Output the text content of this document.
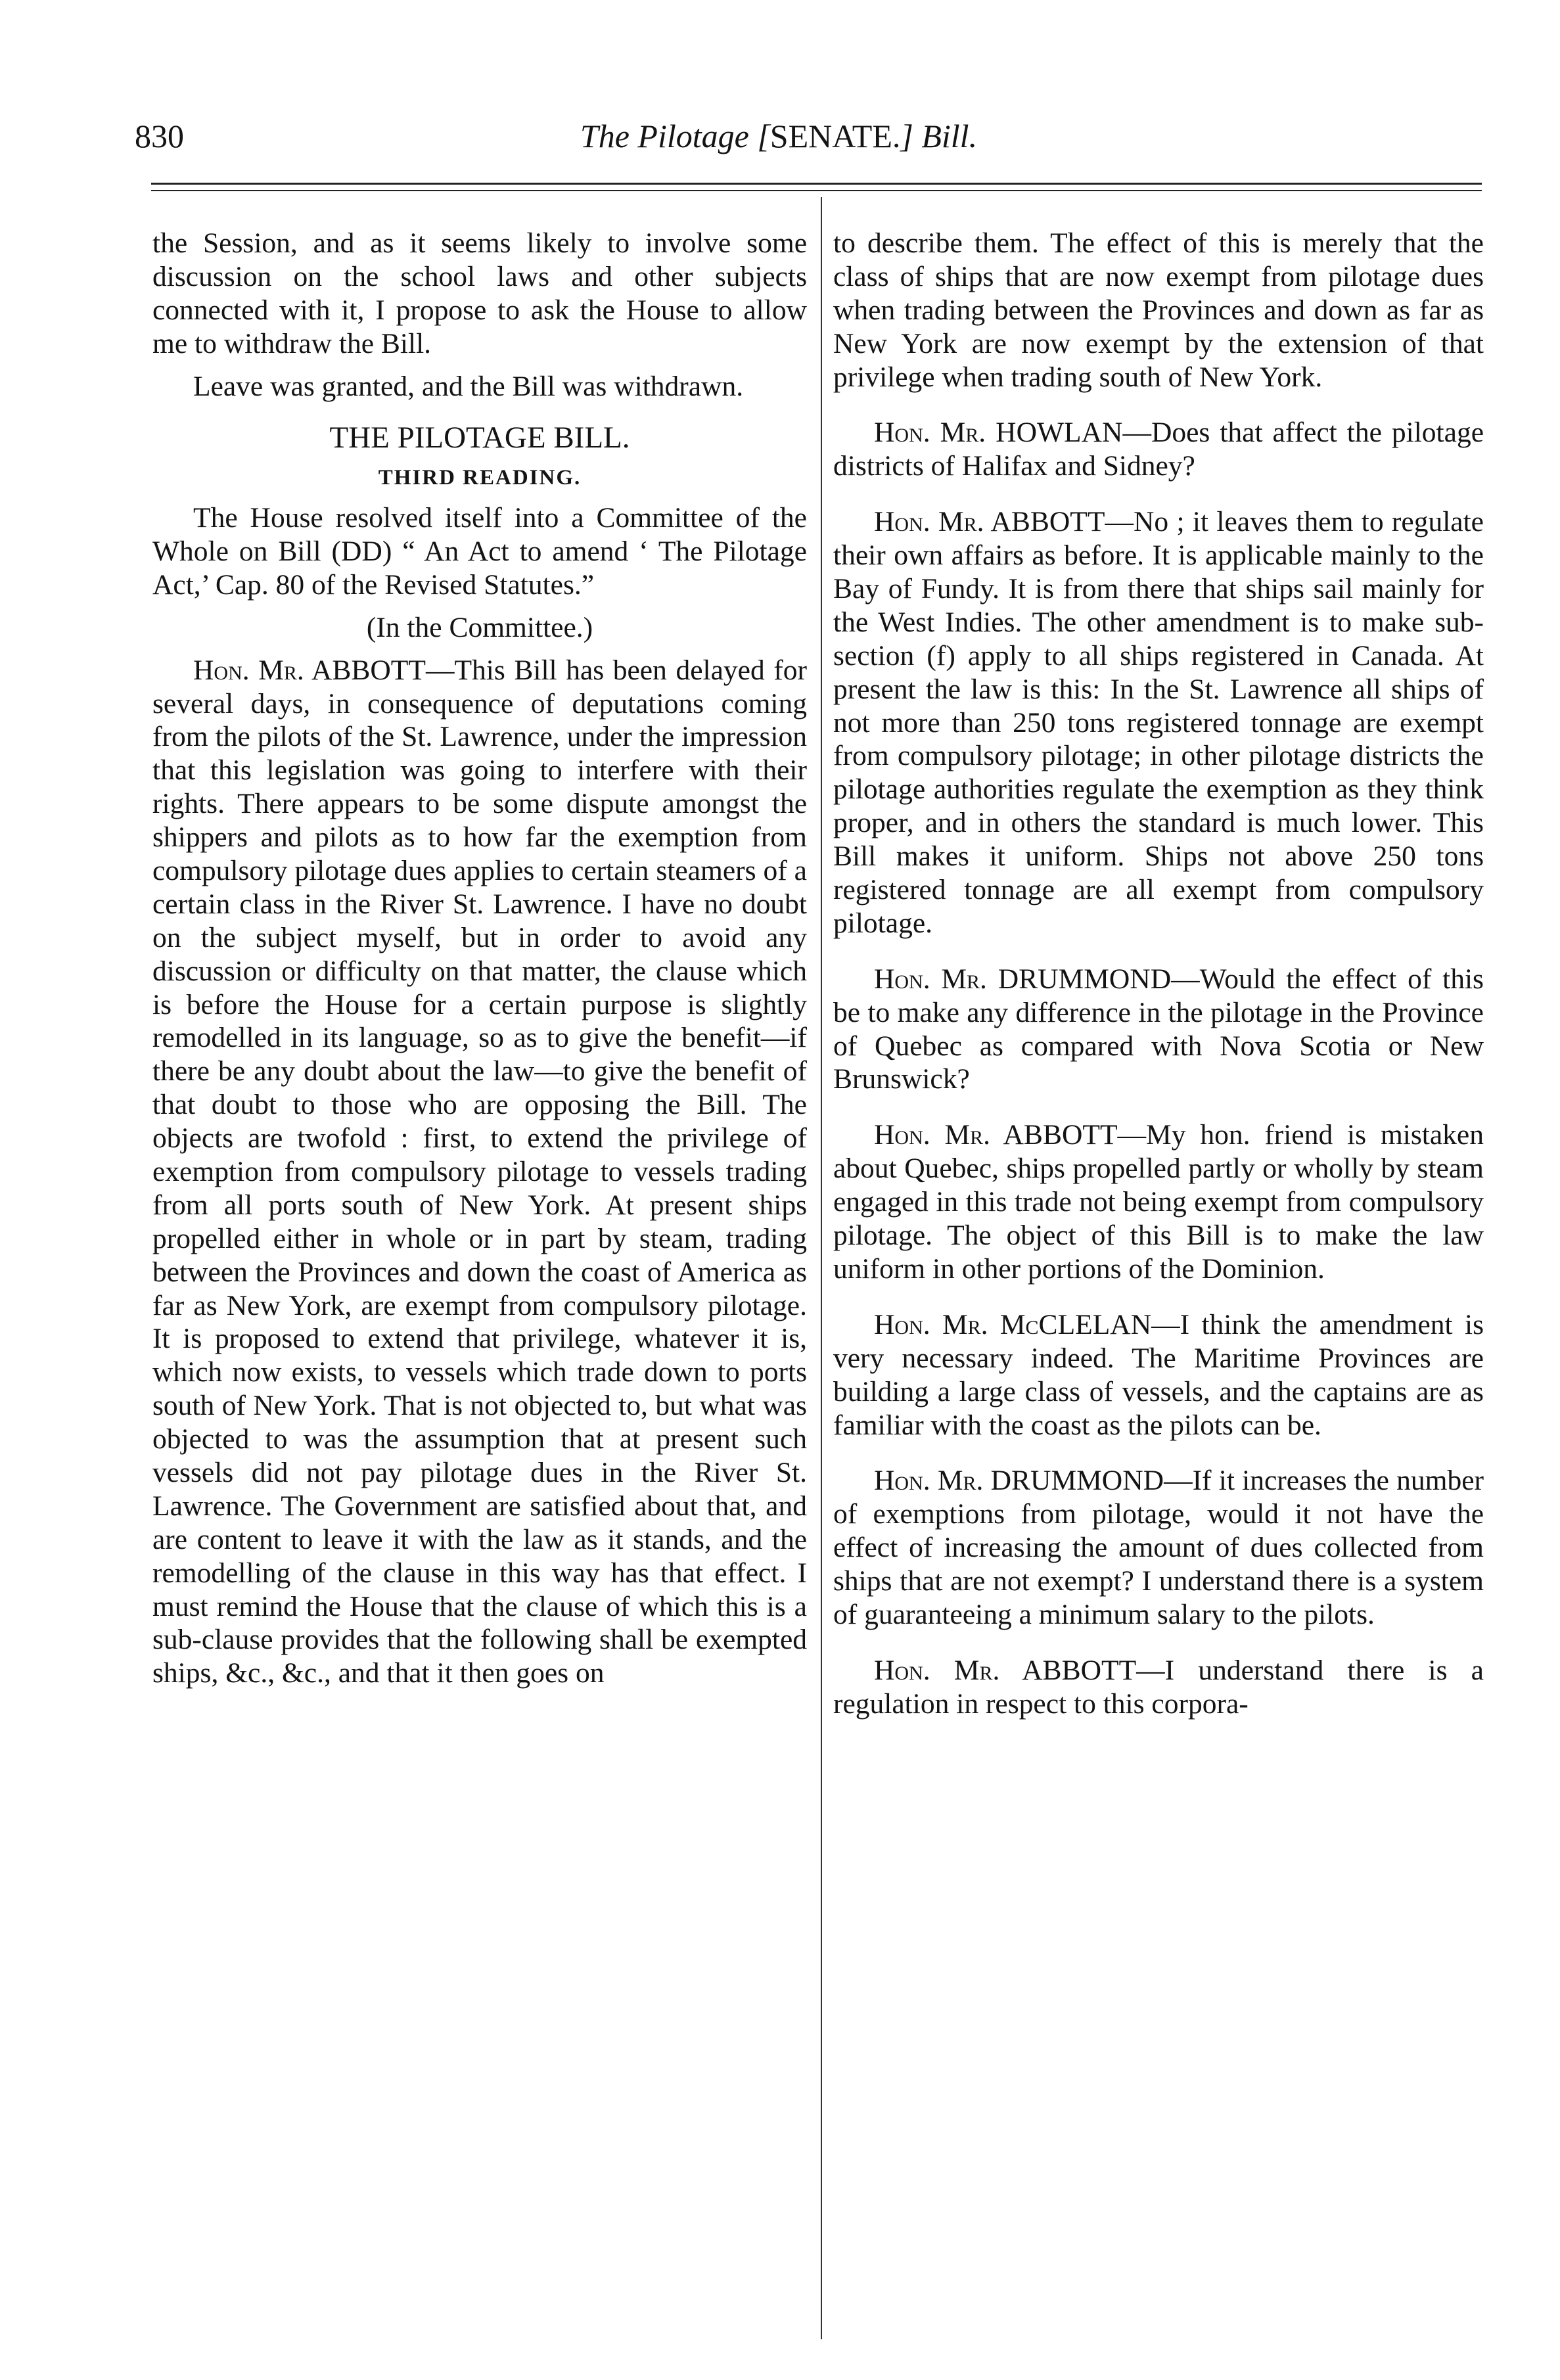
830	The Pilotage [SENATE.] Bill.

the Session, and as it seems likely to involve some discussion on the school laws and other subjects connected with it, I propose to ask the House to allow me to withdraw the Bill.

Leave was granted, and the Bill was withdrawn.

THE PILOTAGE BILL.

THIRD READING.

The House resolved itself into a Committee of the Whole on Bill (DD) “ An Act to amend ‘ The Pilotage Act,’ Cap. 80 of the Revised Statutes.”

(In the Committee.)

Hon. Mr. ABBOTT—This Bill has been delayed for several days, in consequence of deputations coming from the pilots of the St. Lawrence, under the impression that this legislation was going to interfere with their rights. There appears to be some dispute amongst the shippers and pilots as to how far the exemption from compulsory pilotage dues applies to certain steamers of a certain class in the River St. Lawrence. I have no doubt on the subject myself, but in order to avoid any discussion or difficulty on that matter, the clause which is before the House for a certain purpose is slightly remodelled in its language, so as to give the benefit—if there be any doubt about the law—to give the benefit of that doubt to those who are opposing the Bill. The objects are twofold : first, to extend the privilege of exemption from compulsory pilotage to vessels trading from all ports south of New York. At present ships propelled either in whole or in part by steam, trading between the Provinces and down the coast of America as far as New York, are exempt from compulsory pilotage. It is proposed to extend that privilege, whatever it is, which now exists, to vessels which trade down to ports south of New York. That is not objected to, but what was objected to was the assumption that at present such vessels did not pay pilotage dues in the River St. Lawrence. The Government are satisfied about that, and are content to leave it with the law as it stands, and the remodelling of the clause in this way has that effect. I must remind the House that the clause of which this is a sub-clause provides that the following shall be exempted ships, &c., &c., and that it then goes on

to describe them. The effect of this is merely that the class of ships that are now exempt from pilotage dues when trading between the Provinces and down as far as New York are now exempt by the extension of that privilege when trading south of New York.

Hon. Mr. HOWLAN—Does that affect the pilotage districts of Halifax and Sidney?

Hon. Mr. ABBOTT—No ; it leaves them to regulate their own affairs as before. It is applicable mainly to the Bay of Fundy. It is from there that ships sail mainly for the West Indies. The other amendment is to make sub-section (f) apply to all ships registered in Canada. At present the law is this: In the St. Lawrence all ships of not more than 250 tons registered tonnage are exempt from compulsory pilotage; in other pilotage districts the pilotage authorities regulate the exemption as they think proper, and in others the standard is much lower. This Bill makes it uniform. Ships not above 250 tons registered tonnage are all exempt from compulsory pilotage.

Hon. Mr. DRUMMOND—Would the effect of this be to make any difference in the pilotage in the Province of Quebec as compared with Nova Scotia or New Brunswick?

Hon. Mr. ABBOTT—My hon. friend is mistaken about Quebec, ships propelled partly or wholly by steam engaged in this trade not being exempt from compulsory pilotage. The object of this Bill is to make the law uniform in other portions of the Dominion.

Hon. Mr. McCLELAN—I think the amendment is very necessary indeed. The Maritime Provinces are building a large class of vessels, and the captains are as familiar with the coast as the pilots can be.

Hon. Mr. DRUMMOND—If it increases the number of exemptions from pilotage, would it not have the effect of increasing the amount of dues collected from ships that are not exempt? I understand there is a system of guaranteeing a minimum salary to the pilots.

Hon. Mr. ABBOTT—I understand there is a regulation in respect to this corpora-
